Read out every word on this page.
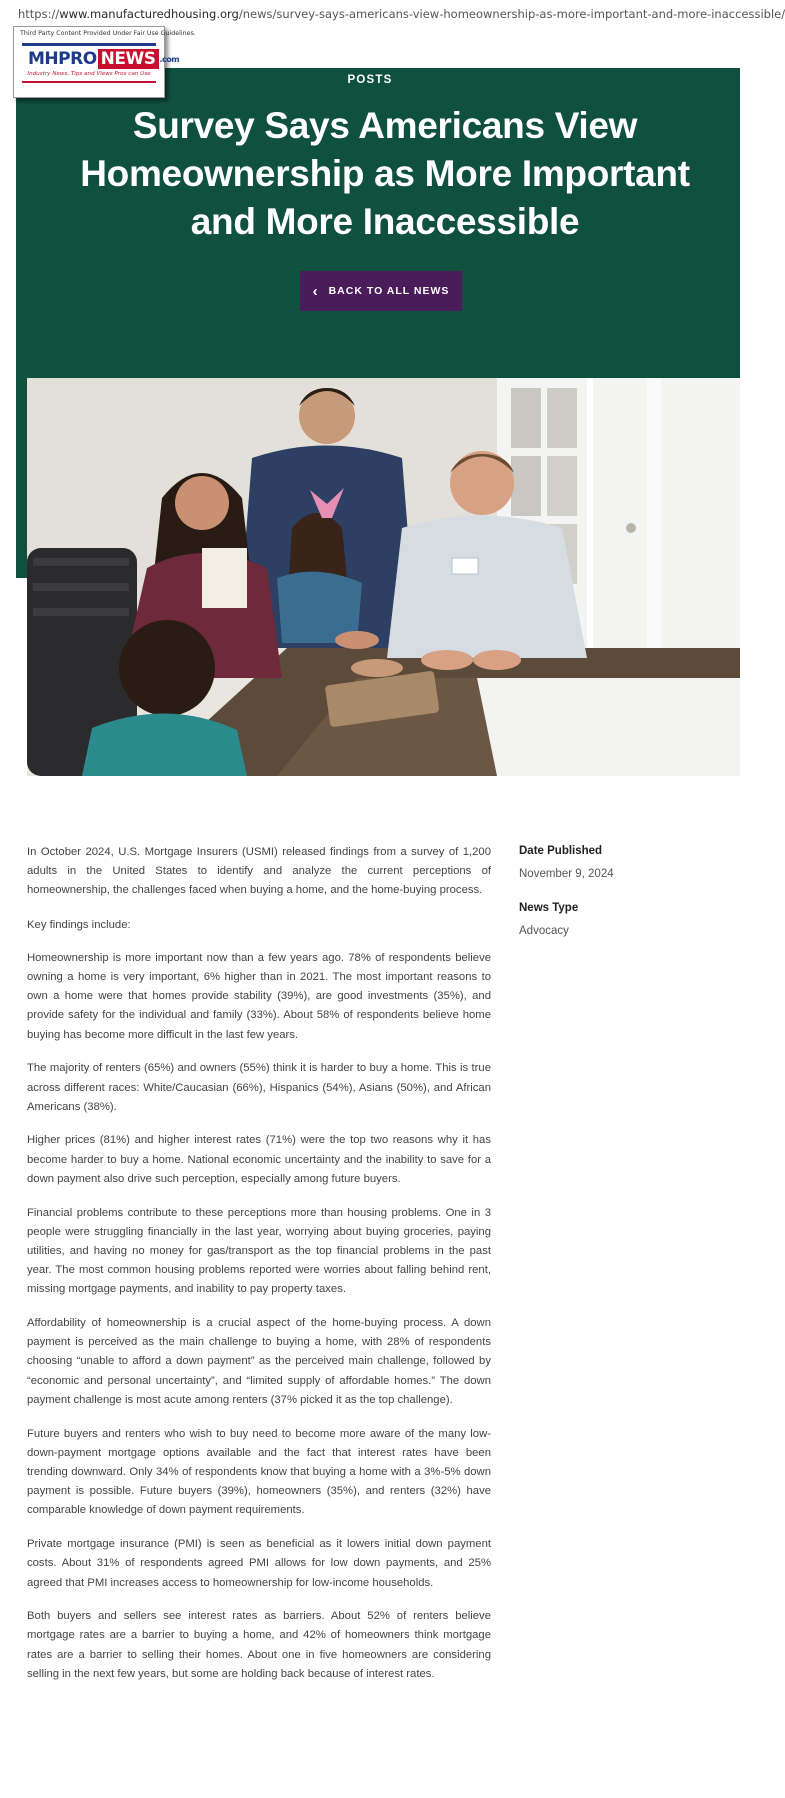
https://www.manufacturedhousing.org/news/survey-says-americans-view-homeownership-as-more-important-and-more-inaccessible/
Third Party Content Provided Under Fair Use Guidelines.
MHPRO NEWS .com
Industry News, Tips and Views Pros can Use	POSTS
Survey Says Americans View
Homeownership as More Important
and More Inaccessible
‹ BACK TO ALL NEWS

In October 2024, U.S. Mortgage Insurers (USMI) released findings from a survey of 1,200 adults in the United States to identify and analyze the current perceptions of homeownership, the challenges faced when buying a home, and the home-buying process.

Key findings include:

Homeownership is more important now than a few years ago. 78% of respondents believe owning a home is very important, 6% higher than in 2021. The most important reasons to own a home were that homes provide stability (39%), are good investments (35%), and provide safety for the individual and family (33%). About 58% of respondents believe home buying has become more difficult in the last few years.

The majority of renters (65%) and owners (55%) think it is harder to buy a home. This is true across different races: White/Caucasian (66%), Hispanics (54%), Asians (50%), and African Americans (38%).

Higher prices (81%) and higher interest rates (71%) were the top two reasons why it has become harder to buy a home. National economic uncertainty and the inability to save for a down payment also drive such perception, especially among future buyers.

Financial problems contribute to these perceptions more than housing problems. One in 3 people were struggling financially in the last year, worrying about buying groceries, paying utilities, and having no money for gas/transport as the top financial problems in the past year. The most common housing problems reported were worries about falling behind rent, missing mortgage payments, and inability to pay property taxes.

Affordability of homeownership is a crucial aspect of the home-buying process. A down payment is perceived as the main challenge to buying a home, with 28% of respondents choosing “unable to afford a down payment” as the perceived main challenge, followed by “economic and personal uncertainty”, and “limited supply of affordable homes.” The down payment challenge is most acute among renters (37% picked it as the top challenge).

Future buyers and renters who wish to buy need to become more aware of the many low-down-payment mortgage options available and the fact that interest rates have been trending downward. Only 34% of respondents know that buying a home with a 3%-5% down payment is possible. Future buyers (39%), homeowners (35%), and renters (32%) have comparable knowledge of down payment requirements.

Private mortgage insurance (PMI) is seen as beneficial as it lowers initial down payment costs. About 31% of respondents agreed PMI allows for low down payments, and 25% agreed that PMI increases access to homeownership for low-income households.

Both buyers and sellers see interest rates as barriers. About 52% of renters believe mortgage rates are a barrier to buying a home, and 42% of homeowners think mortgage rates are a barrier to selling their homes. About one in five homeowners are considering selling in the next few years, but some are holding back because of interest rates.

Date Published
November 9, 2024
News Type
Advocacy
